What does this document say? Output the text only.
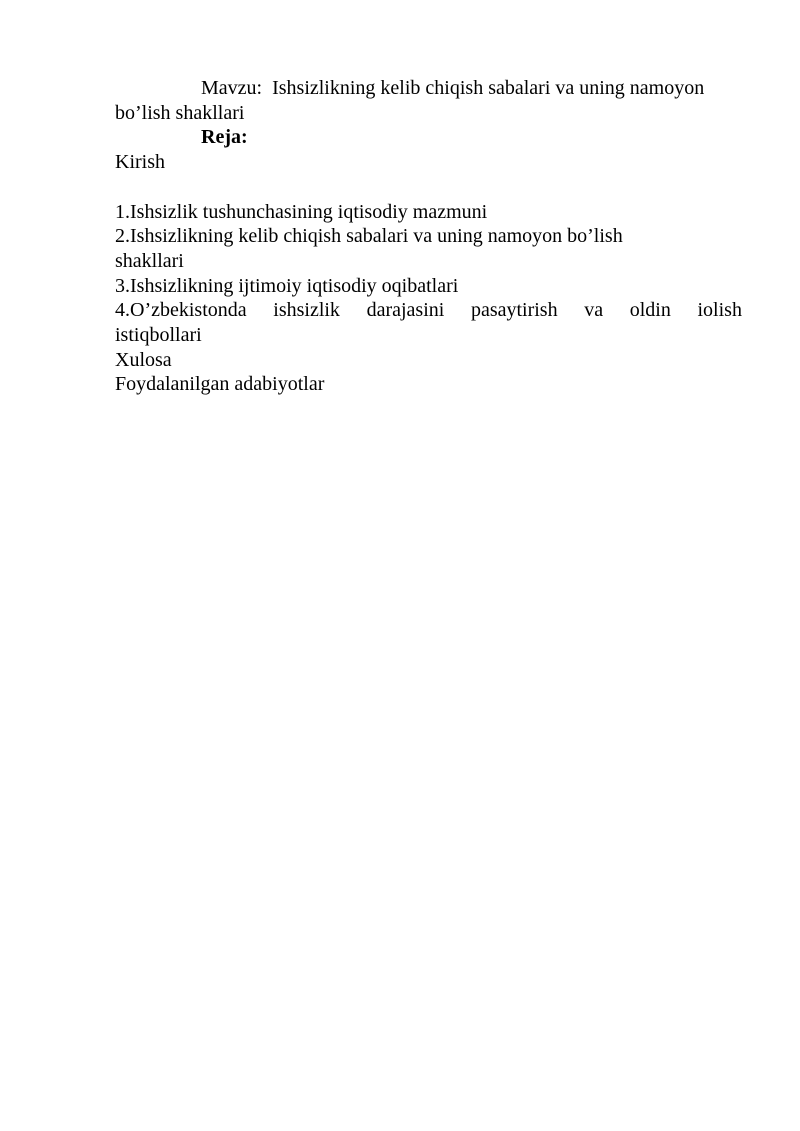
Mavzu:  Ishsizlikning kelib chiqish sabalari va uning namoyon
bo’lish shakllari
Reja:
Kirish
1.Ishsizlik tushunchasining iqtisodiy mazmuni
2.Ishsizlikning kelib chiqish sabalari va uning namoyon bo’lish
shakllari
3.Ishsizlikning ijtimoiy iqtisodiy oqibatlari
4.O’zbekistonda ishsizlik darajasini pasaytirish va oldin iolish
istiqbollari
Xulosa
Foydalanilgan adabiyotlar
